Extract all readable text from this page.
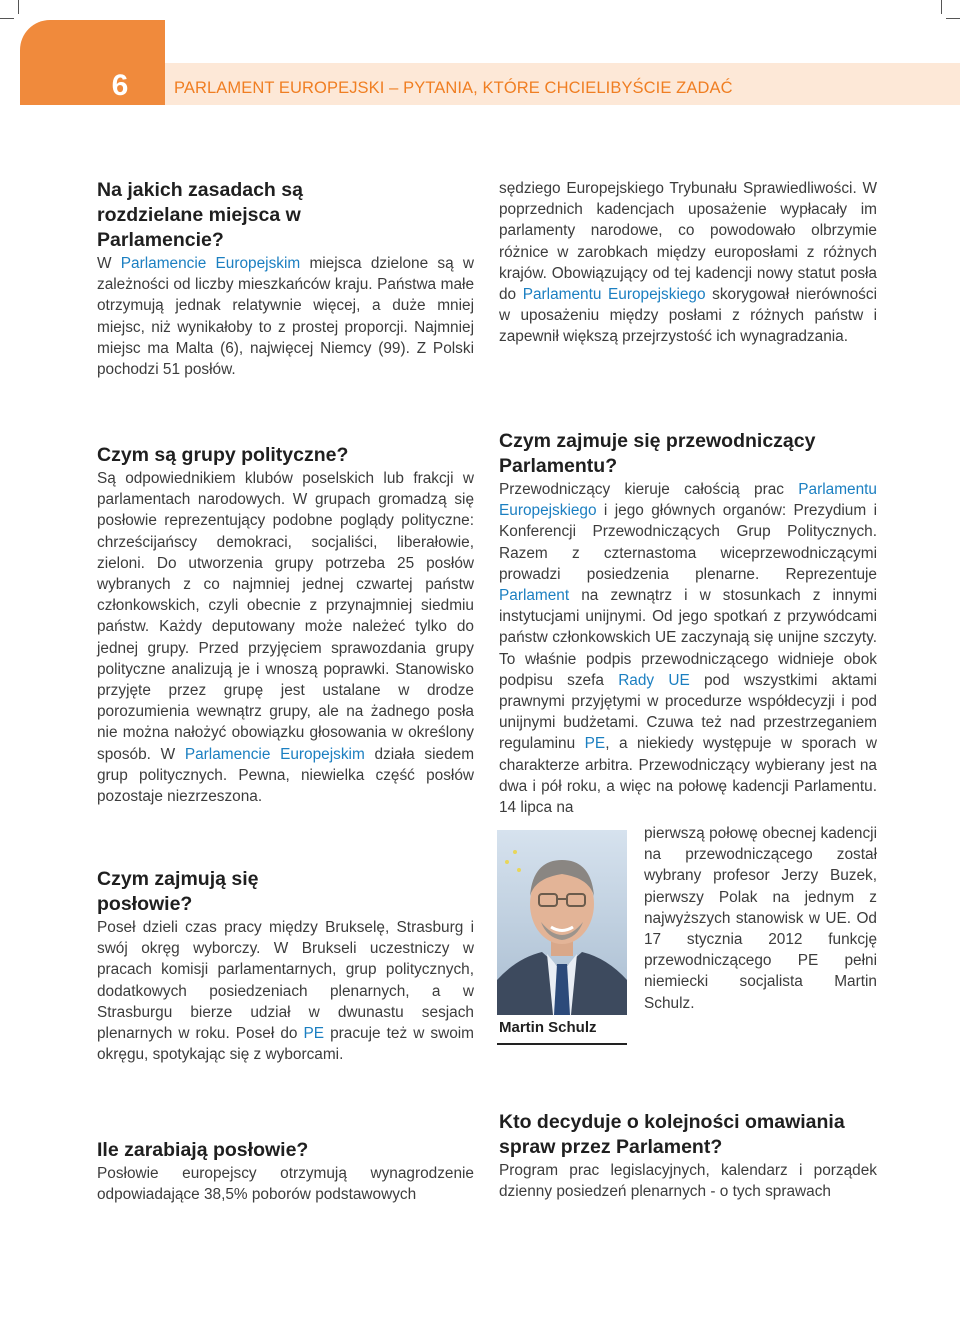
6	PARLAMENT EUROPEJSKI – PYTANIA, KTÓRE CHCIELIBYŚCIE ZADAĆ
Na jakich zasadach są rozdzielane miejsca w Parlamencie?

W Parlamencie Europejskim miejsca dzielone są w zależności od liczby mieszkańców kraju. Państwa małe otrzymują jednak relatywnie więcej, a duże mniej miejsc, niż wynikałoby to z prostej proporcji. Najmniej miejsc ma Malta (6), najwięcej Niemcy (99). Z Polski pochodzi 51 posłów.

sędziego Europejskiego Trybunału Sprawiedliwości. W poprzednich kadencjach uposażenie wypłacały im parlamenty narodowe, co powodowało olbrzymie różnice w zarobkach między europosłami z różnych krajów. Obowiązujący od tej kadencji nowy statut posła do Parlamentu Europejskiego skorygował nierówności w uposażeniu między posłami z różnych państw i zapewnił większą przejrzystość ich wynagradzania.

Czym są grupy polityczne?

Są odpowiednikiem klubów poselskich lub frakcji w parlamentach narodowych. W grupach gromadzą się posłowie reprezentujący podobne poglądy polityczne: chrześcijańscy demokraci, socjaliści, liberałowie, zieloni. Do utworzenia grupy potrzeba 25 posłów wybranych z co najmniej jednej czwartej państw członkowskich, czyli obecnie z przynajmniej siedmiu państw. Każdy deputowany może należeć tylko do jednej grupy. Przed przyjęciem sprawozdania grupy polityczne analizują je i wnoszą poprawki. Stanowisko przyjęte przez grupę jest ustalane w drodze porozumienia wewnątrz grupy, ale na żadnego posła nie można nałożyć obowiązku głosowania w określony sposób. W Parlamencie Europejskim działa siedem grup politycznych. Pewna, niewielka część posłów pozostaje niezrzeszona.

Czym zajmują się posłowie?

Poseł dzieli czas pracy między Brukselę, Strasburg i swój okręg wyborczy. W Brukseli uczestniczy w pracach komisji parlamentarnych, grup politycznych, dodatkowych posiedzeniach plenarnych, a w Strasburgu bierze udział w dwunastu sesjach plenarnych w roku. Poseł do PE pracuje też w swoim okręgu, spotykając się z wyborcami.

Ile zarabiają posłowie?

Posłowie europejscy otrzymują wynagrodzenie odpowiadające 38,5% poborów podstawowych

Czym zajmuje się przewodniczący Parlamentu?

Przewodniczący kieruje całością prac Parlamentu Europejskiego i jego głównych organów: Prezydium i Konferencji Przewodniczących Grup Politycznych. Razem z czternastoma wiceprzewodniczącymi prowadzi posiedzenia plenarne. Reprezentuje Parlament na zewnątrz i w stosunkach z innymi instytucjami unijnymi. Od jego spotkań z przywódcami państw członkowskich UE zaczynają się unijne szczyty. To właśnie podpis przewodniczącego widnieje obok podpisu szefa Rady UE pod wszystkimi aktami prawnymi przyjętymi w procedurze współdecyzji i pod unijnymi budżetami. Czuwa też nad przestrzeganiem regulaminu PE, a niekiedy występuje w sporach w charakterze arbitra. Przewodniczący wybierany jest na dwa i pół roku, a więc na połowę kadencji Parlamentu. 14 lipca na

pierwszą połowę obecnej kadencji na przewodniczącego został wybrany profesor Jerzy Buzek, pierwszy Polak na jednym z najwyższych stanowisk w UE. Od 17 stycznia 2012 funkcję przewodniczącego PE pełni niemiecki socjalista Martin Schulz.

Martin Schulz
Kto decyduje o kolejności omawiania spraw przez Parlament?

Program prac legislacyjnych, kalendarz i porządek dzienny posiedzeń plenarnych - o tych sprawach
